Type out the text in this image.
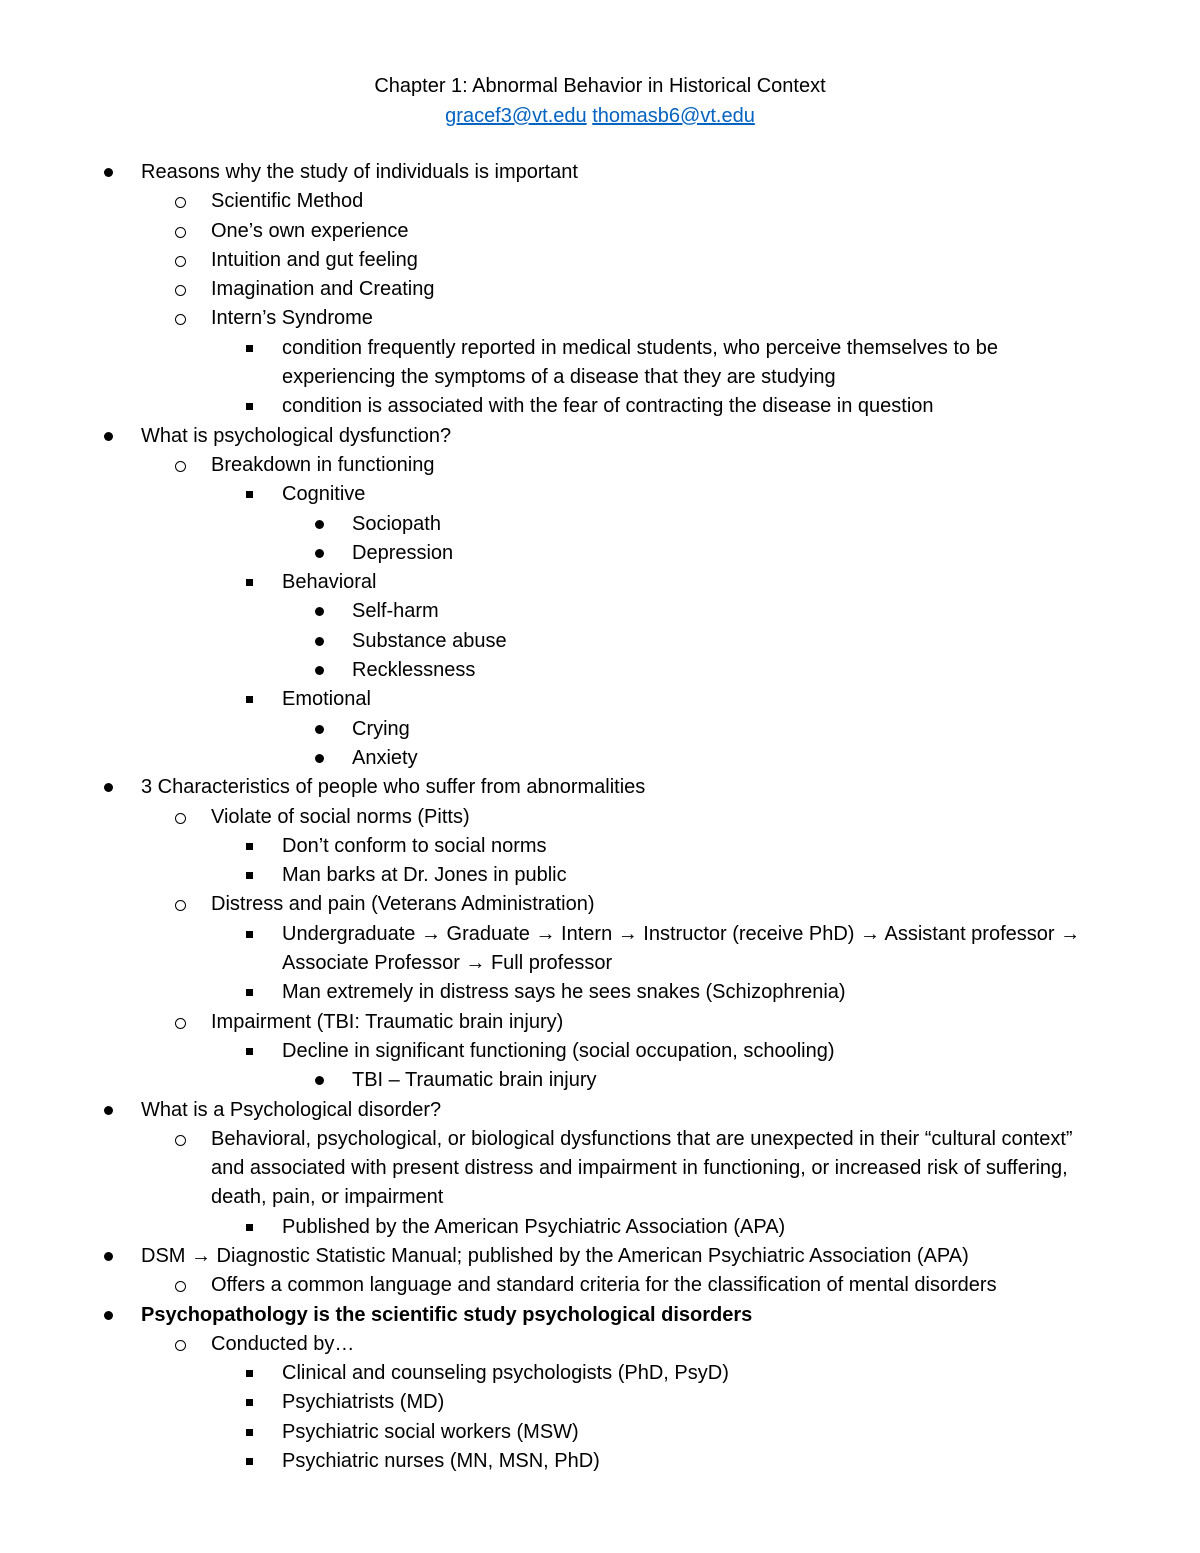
Chapter 1: Abnormal Behavior in Historical Context
gracef3@vt.edu thomasb6@vt.edu
Reasons why the study of individuals is important
Scientific Method
One’s own experience
Intuition and gut feeling
Imagination and Creating
Intern’s Syndrome
condition frequently reported in medical students, who perceive themselves to be experiencing the symptoms of a disease that they are studying
condition is associated with the fear of contracting the disease in question
What is psychological dysfunction?
Breakdown in functioning
Cognitive
Sociopath
Depression
Behavioral
Self-harm
Substance abuse
Recklessness
Emotional
Crying
Anxiety
3 Characteristics of people who suffer from abnormalities
Violate of social norms (Pitts)
Don’t conform to social norms
Man barks at Dr. Jones in public
Distress and pain (Veterans Administration)
Undergraduate → Graduate → Intern → Instructor (receive PhD) → Assistant professor → Associate Professor → Full professor
Man extremely in distress says he sees snakes (Schizophrenia)
Impairment (TBI: Traumatic brain injury)
Decline in significant functioning (social occupation, schooling)
TBI – Traumatic brain injury
What is a Psychological disorder?
Behavioral, psychological, or biological dysfunctions that are unexpected in their “cultural context” and associated with present distress and impairment in functioning, or increased risk of suffering, death, pain, or impairment
Published by the American Psychiatric Association (APA)
DSM → Diagnostic Statistic Manual; published by the American Psychiatric Association (APA)
Offers a common language and standard criteria for the classification of mental disorders
Psychopathology is the scientific study psychological disorders
Conducted by…
Clinical and counseling psychologists (PhD, PsyD)
Psychiatrists (MD)
Psychiatric social workers (MSW)
Psychiatric nurses (MN, MSN, PhD)
